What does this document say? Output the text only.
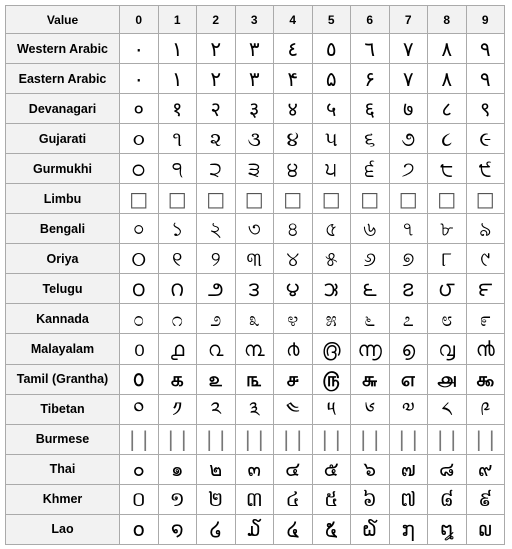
Value	0	1	2	3	4	5	6	7	8	9
Western Arabic	٠	١	٢	٣	٤	٥	٦	٧	٨	٩
Eastern Arabic	۰	۱	۲	۳	۴	۵	۶	۷	۸	۹
Devanagari	०	१	२	३	४	५	६	७	८	९
Gujarati	૦	૧	૨	૩	૪	૫	૬	૭	૮	૯
Gurmukhi	੦	੧	੨	੩	੪	੫	੬	੭	੮	੯
Limbu	□	□	□	□	□	□	□	□	□	□
Bengali	০	১	২	৩	৪	৫	৬	৭	৮	৯
Oriya	୦	୧	୨	୩	୪	୫	୬	୭	୮	୯
Telugu	౦	౧	౨	౩	౪	౫	౬	౭	౮	౯
Kannada	೦	೧	೨	೩	೪	೫	೬	೭	೮	೯
Malayalam	൦	൧	൨	൩	൪	൫	൬	൭	൮	൯
Tamil (Grantha)	௦	௧	௨	௩	௪	௫	௬	௭	௮	௯
Tibetan	༠	༡	༢	༣	༤	༥	༦	༧	༨	༩
Burmese	| |	| |	| |	| |	| |	| |	| |	| |	| |	| |
Thai	๐	๑	๒	๓	๔	๕	๖	๗	๘	๙
Khmer	០	១	២	៣	៤	៥	៦	៧	៨	៩
Lao	໐	໑	໒	໓	໔	໕	໖	໗	໘	໙
